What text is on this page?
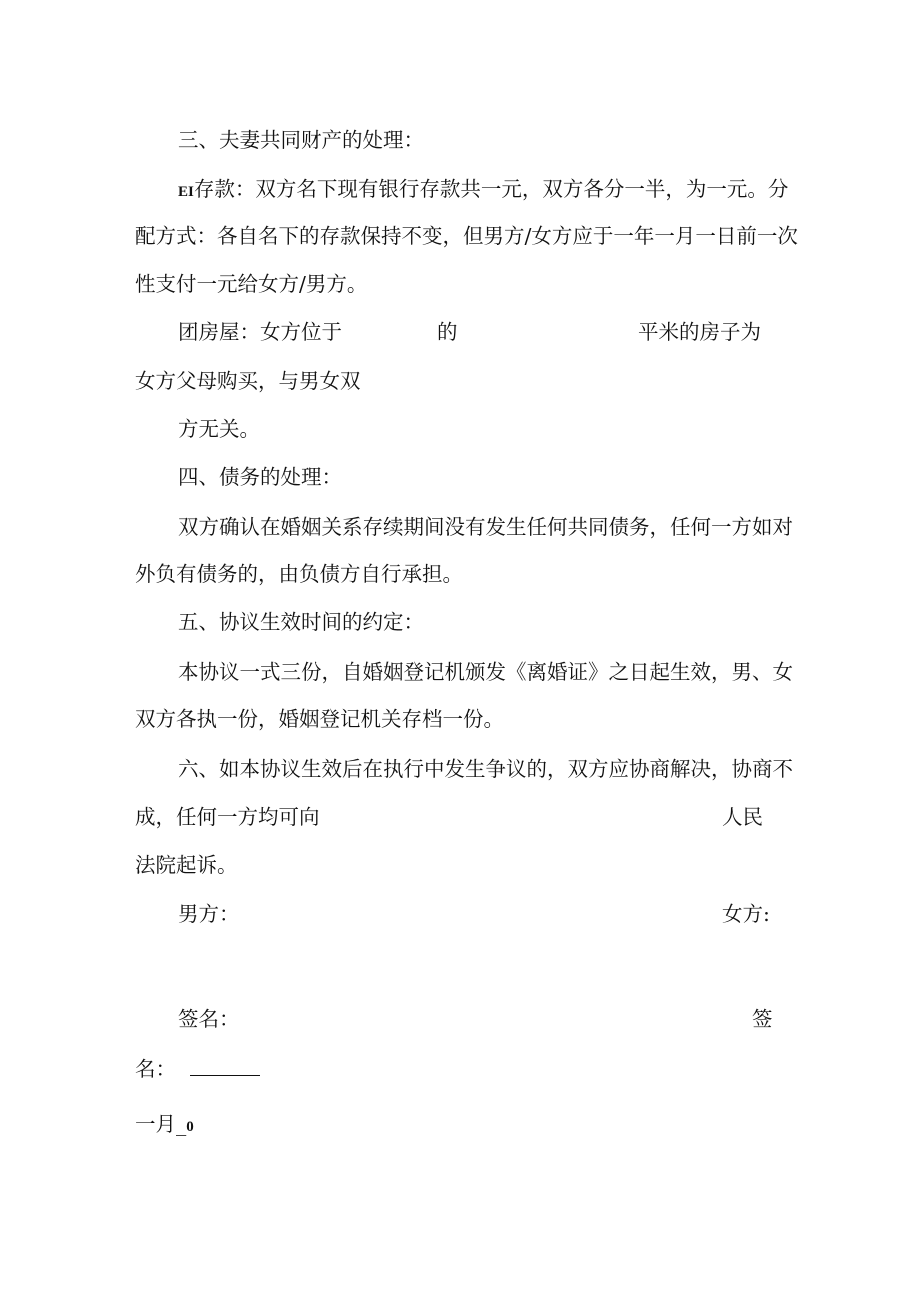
三、夫妻共同财产的处理：
EI存款：双方名下现有银行存款共一元，双方各分一半，为一元。分
配方式：各自名下的存款保持不变，但男方/女方应于一年一月一日前一次
性支付一元给女方/男方。
团房屋：女方位于	的	平米的房子为
女方父母购买，与男女双
方无关。
四、债务的处理：
双方确认在婚姻关系存续期间没有发生任何共同债务，任何一方如对
外负有债务的，由负债方自行承担。
五、协议生效时间的约定：
本协议一式三份，自婚姻登记机颁发《离婚证》之日起生效，男、女
双方各执一份，婚姻登记机关存档一份。
六、如本协议生效后在执行中发生争议的，双方应协商解决，协商不
成，任何一方均可向	人民
法院起诉。
男方：	女方:
签名：	签
名：
一月_0
